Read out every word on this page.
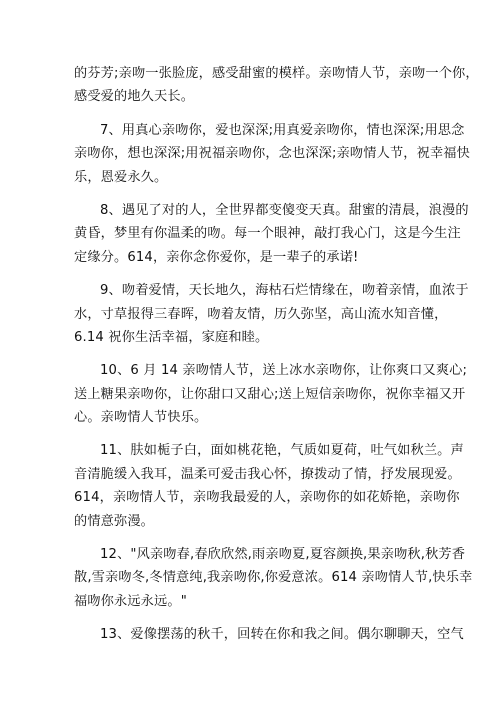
的芬芳;亲吻一张脸庞，感受甜蜜的模样。亲吻情人节，亲吻一个你，
感受爱的地久天长。
7、用真心亲吻你，爱也深深;用真爱亲吻你，情也深深;用思念
亲吻你，想也深深;用祝福亲吻你，念也深深;亲吻情人节，祝幸福快
乐，恩爱永久。
8、遇见了对的人，全世界都变傻变天真。甜蜜的清晨，浪漫的
黄昏，梦里有你温柔的吻。每一个眼神，敲打我心门，这是今生注
定缘分。614，亲你念你爱你，是一辈子的承诺!
9、吻着爱情，天长地久，海枯石烂情缘在，吻着亲情，血浓于
水，寸草报得三春晖，吻着友情，历久弥坚，高山流水知音懂，
6.14 祝你生活幸福，家庭和睦。
10、6 月 14 亲吻情人节，送上冰水亲吻你，让你爽口又爽心;
送上糖果亲吻你，让你甜口又甜心;送上短信亲吻你，祝你幸福又开
心。亲吻情人节快乐。
11、肤如栀子白，面如桃花艳，气质如夏荷，吐气如秋兰。声
音清脆缓入我耳，温柔可爱击我心怀，撩拨动了情，抒发展现爱。
614，亲吻情人节，亲吻我最爱的人，亲吻你的如花娇艳，亲吻你
的情意弥漫。
12、"风亲吻春,春欣欣然,雨亲吻夏,夏容颜换,果亲吻秋,秋芳香
散,雪亲吻冬,冬情意纯,我亲吻你,你爱意浓。614 亲吻情人节,快乐幸
福吻你永远永远。"
13、爱像摆荡的秋千，回转在你和我之间。偶尔聊聊天，空气
